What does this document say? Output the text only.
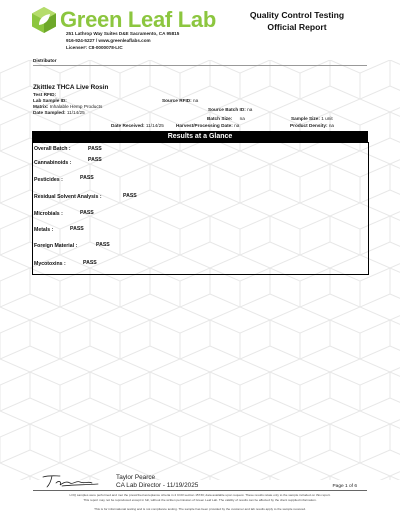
Green Leaf Lab
251 Lathrop Way Suites D&E Sacramento, CA 95815
916-924-5227 / www.greenleaflabs.com
License#: C8-0000078-LIC
Quality Control Testing
Official Report
Distributor
Zkittlez THCA Live Rosin
Test RFID:
Lab Sample ID:	Source RFID: na
Matrix: Inhalable Hemp Products
Source Batch ID: na
Date Sampled: 11/14/25
Batch Size: na	Sample Size: 1 unit
Date Received: 11/14/25	Harvest/Processing Date: na	Product Density: na
Results at a Glance
Overall Batch :	PASS
Cannabinoids :	PASS
Pesticides :	PASS
Residual Solvent Analysis :	PASS
Microbials :	PASS
Metals :	PASS
Foreign Material :	PASS
Mycotoxins :	PASS
Taylor Pearce
CA Lab Director - 11/19/2025	Page 1 of 6
LOQ samples were performed and met the prescribed acceptance criteria in 4 CCR section 15730; data available upon request. These results relate only to the sample included on this report.
This report may not be reproduced except in full, without the written permission of Green Leaf Lab. The validity of results can be affected by the client supplied information.
This is for informational testing and is not compliance testing. The sample has been provided by the customer and lab results apply to the sample received.
